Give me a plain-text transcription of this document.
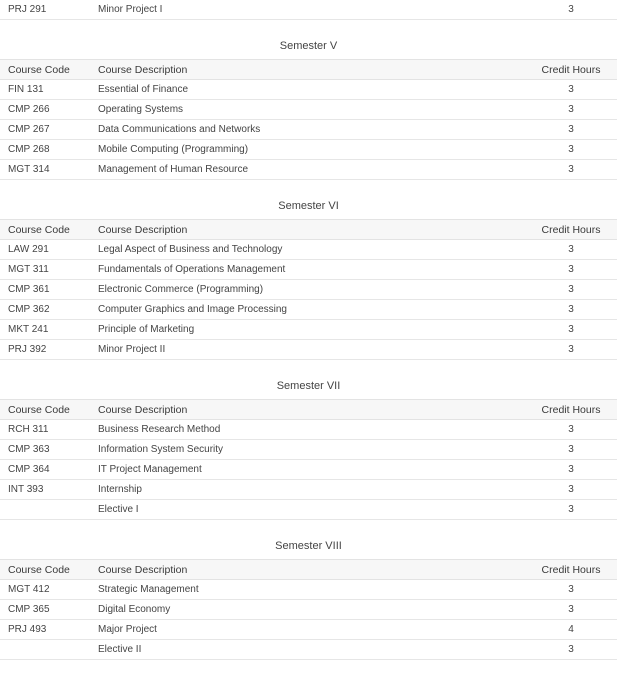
PRJ 291	Minor Project I	3
Semester V
Course Code	Course Description	Credit Hours
FIN 131	Essential of Finance	3
CMP 266	Operating Systems	3
CMP 267	Data Communications and Networks	3
CMP 268	Mobile Computing (Programming)	3
MGT 314	Management of Human Resource	3
Semester VI
Course Code	Course Description	Credit Hours
LAW 291	Legal Aspect of Business and Technology	3
MGT 311	Fundamentals of Operations Management	3
CMP 361	Electronic Commerce (Programming)	3
CMP 362	Computer Graphics and Image Processing	3
MKT 241	Principle of Marketing	3
PRJ 392	Minor Project II	3
Semester VII
Course Code	Course Description	Credit Hours
RCH 311	Business Research Method	3
CMP 363	Information System Security	3
CMP 364	IT Project Management	3
INT 393	Internship	3
	Elective I	3
Semester VIII
Course Code	Course Description	Credit Hours
MGT 412	Strategic Management	3
CMP 365	Digital Economy	3
PRJ 493	Major Project	4
	Elective II	3
